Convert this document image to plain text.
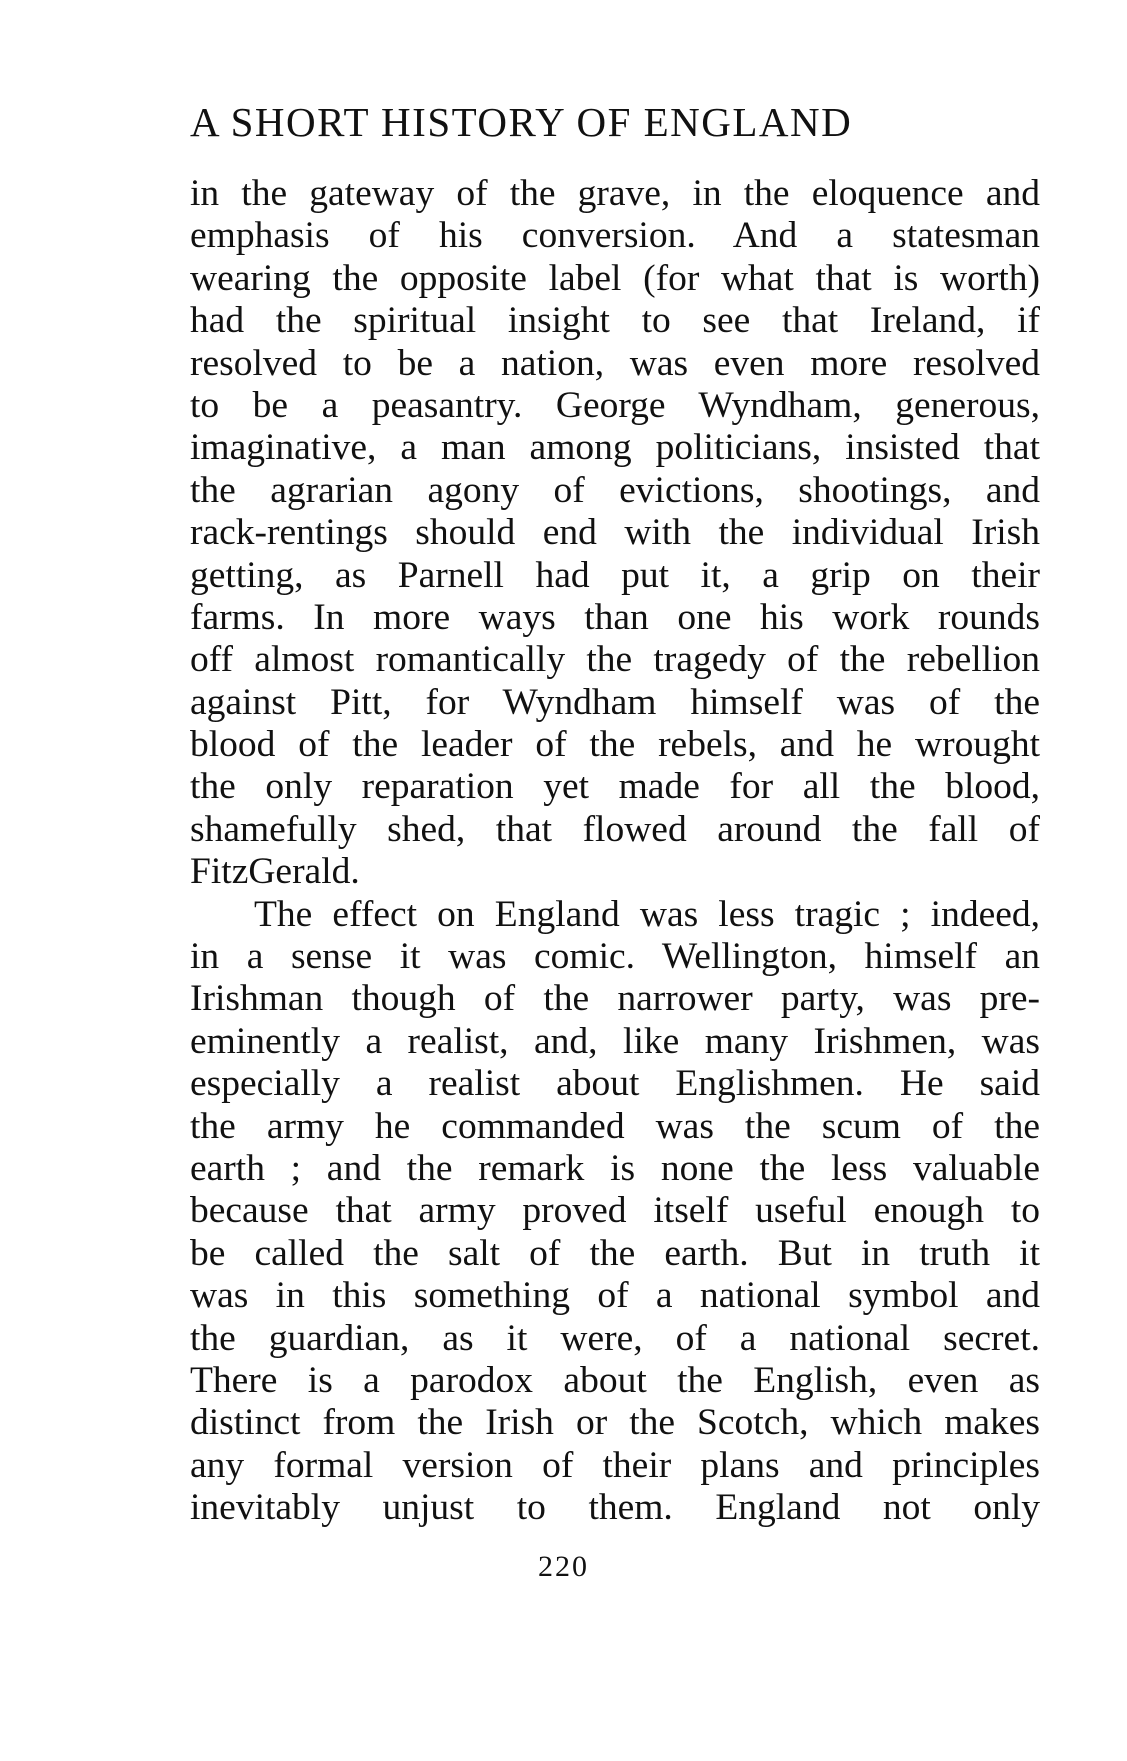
A SHORT HISTORY OF ENGLAND
in the gateway of the grave, in the eloquence and
emphasis of his conversion. And a statesman
wearing the opposite label (for what that is worth)
had the spiritual insight to see that Ireland, if
resolved to be a nation, was even more resolved
to be a peasantry. George Wyndham, generous,
imaginative, a man among politicians, insisted that
the agrarian agony of evictions, shootings, and
rack-rentings should end with the individual Irish
getting, as Parnell had put it, a grip on their
farms. In more ways than one his work rounds
off almost romantically the tragedy of the rebellion
against Pitt, for Wyndham himself was of the
blood of the leader of the rebels, and he wrought
the only reparation yet made for all the blood,
shamefully shed, that flowed around the fall of
FitzGerald.
The effect on England was less tragic ; indeed,
in a sense it was comic. Wellington, himself an
Irishman though of the narrower party, was pre-
eminently a realist, and, like many Irishmen, was
especially a realist about Englishmen. He said
the army he commanded was the scum of the
earth ; and the remark is none the less valuable
because that army proved itself useful enough to
be called the salt of the earth. But in truth it
was in this something of a national symbol and
the guardian, as it were, of a national secret.
There is a parodox about the English, even as
distinct from the Irish or the Scotch, which makes
any formal version of their plans and principles
inevitably unjust to them. England not only
220
